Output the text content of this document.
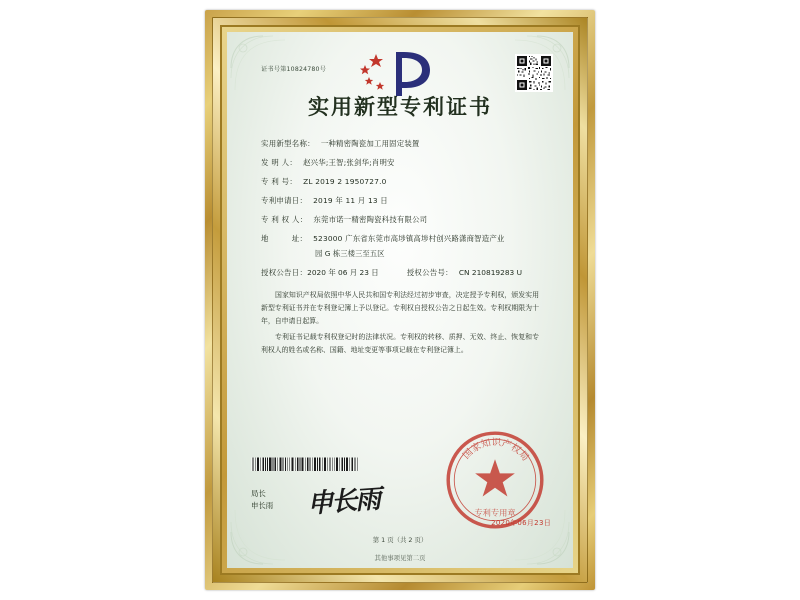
证书号第10824780号
实用新型专利证书
实用新型名称： 一种精密陶瓷加工用固定装置
发 明 人： 赵兴华;王智;张剑华;肖明安
专 利 号： ZL 2019 2 1950727.0
专利申请日： 2019 年 11 月 13 日
专 利 权 人： 东莞市诺一精密陶瓷科技有限公司
地　　　址： 523000 广东省东莞市高埗镇高埗村创兴路潇商智造产业
园 G 栋三楼三至五区
授权公告日： 2020 年 06 月 23 日	授权公告号： CN 210819283 U

国家知识产权局依照中华人民共和国专利法经过初步审查，决定授予专利权，颁发实用新型专利证书并在专利登记簿上予以登记。专利权自授权公告之日起生效。专利权期限为十年，自申请日起算。

专利证书记载专利权登记时的法律状况。专利权的转移、质押、无效、终止、恢复和专利权人的姓名或名称、国籍、地址变更等事项记载在专利登记簿上。

局长
申长雨 申长雨
国
家
知 识 产
权
局
专利专用章
2020年06月23日
第 1 页（共 2 页）
其他事项见第二页
